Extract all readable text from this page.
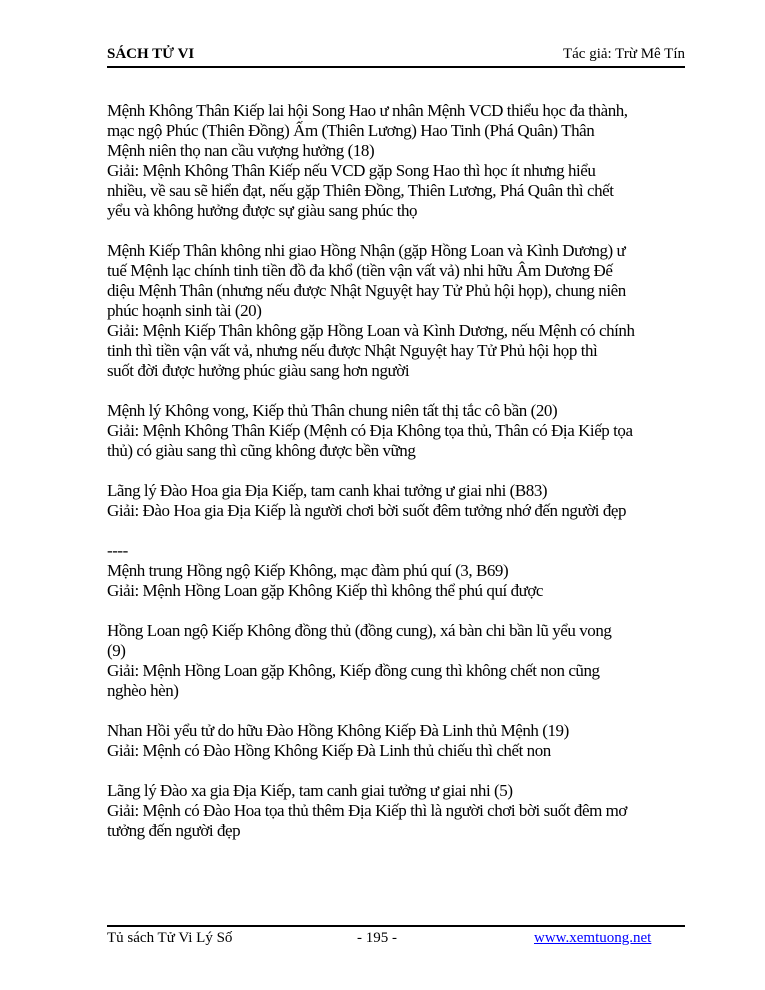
SÁCH TỬ VI	Tác giả: Trừ Mê Tín

Mệnh Không Thân Kiếp lai hội Song Hao ư nhân Mệnh VCD thiểu học đa thành,
mạc ngộ Phúc (Thiên Đồng) Ấm (Thiên Lương) Hao Tinh (Phá Quân) Thân
Mệnh niên thọ nan cầu vượng hưởng (18)
Giải: Mệnh Không Thân Kiếp nếu VCD gặp Song Hao thì học ít nhưng hiểu
nhiều, về sau sẽ hiển đạt, nếu gặp Thiên Đồng, Thiên Lương, Phá Quân thì chết
yểu và không hưởng được sự giàu sang phúc thọ

Mệnh Kiếp Thân không nhi giao Hồng Nhận (gặp Hồng Loan và Kình Dương) ư
tuế Mệnh lạc chính tinh tiền đồ đa khổ (tiền vận vất vả) nhi hữu Âm Dương Đế
diệu Mệnh Thân (nhưng nếu được Nhật Nguyệt hay Tử Phủ hội họp), chung niên
phúc hoạnh sinh tài (20)
Giải: Mệnh Kiếp Thân không gặp Hồng Loan và Kình Dương, nếu Mệnh có chính
tinh thì tiền vận vất vả, nhưng nếu được Nhật Nguyệt hay Tử Phủ hội họp thì
suốt đời được hưởng phúc giàu sang hơn người

Mệnh lý Không vong, Kiếp thủ Thân chung niên tất thị tắc cô bần (20)
Giải: Mệnh Không Thân Kiếp (Mệnh có Địa Không tọa thủ, Thân có Địa Kiếp tọa
thủ) có giàu sang thì cũng không được bền vững

Lãng lý Đào Hoa gia Địa Kiếp, tam canh khai tưởng ư giai nhi (B83)
Giải: Đào Hoa gia Địa Kiếp là người chơi bời suốt đêm tưởng nhớ đến người đẹp

----
Mệnh trung Hồng ngộ Kiếp Không, mạc đàm phú quí (3, B69)
Giải: Mệnh Hồng Loan gặp Không Kiếp thì không thể phú quí được

Hồng Loan ngộ Kiếp Không đồng thủ (đồng cung), xá bàn chi bần lũ yểu vong
(9)
Giải: Mệnh Hồng Loan gặp Không, Kiếp đồng cung thì không chết non cũng
nghèo hèn)

Nhan Hồi yểu tử do hữu Đào Hồng Không Kiếp Đà Linh thủ Mệnh (19)
Giải: Mệnh có Đào Hồng Không Kiếp Đà Linh thủ chiếu thì chết non

Lãng lý Đào xa gia Địa Kiếp, tam canh giai tưởng ư giai nhi (5)
Giải: Mệnh có Đào Hoa tọa thủ thêm Địa Kiếp thì là người chơi bời suốt đêm mơ
tưởng đến người đẹp

Tủ sách Tử Vi Lý Số	- 195 -	www.xemtuong.net
